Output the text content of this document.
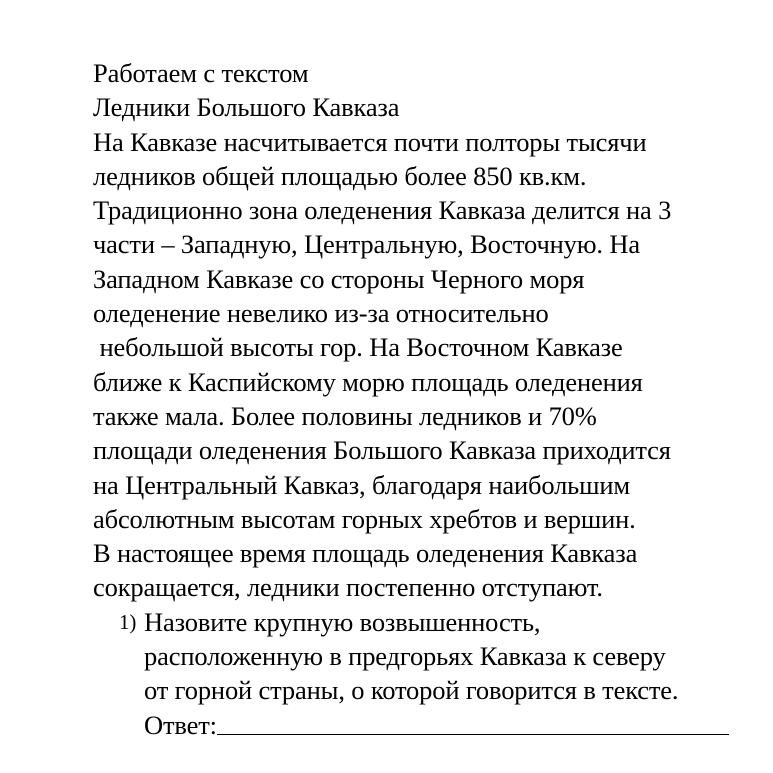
Работаем с текстом
Ледники Большого Кавказа
На Кавказе насчитывается почти полторы тысячи
ледников общей площадью более 850 кв.км.
Традиционно зона оледенения Кавказа делится на 3
части – Западную, Центральную, Восточную. На
Западном Кавказе со стороны Черного моря
оледенение невелико из-за относительно
небольшой высоты гор. На Восточном Кавказе
ближе к Каспийскому морю площадь оледенения
также мала. Более половины ледников и 70%
площади оледенения Большого Кавказа приходится
на Центральный Кавказ, благодаря наибольшим
абсолютным высотам горных хребтов и вершин.
В настоящее время площадь оледенения Кавказа
сокращается, ледники постепенно отступают.
1) Назовите крупную возвышенность,
расположенную в предгорьях Кавказа к северу
от горной страны, о которой говорится в тексте.
Ответ:
